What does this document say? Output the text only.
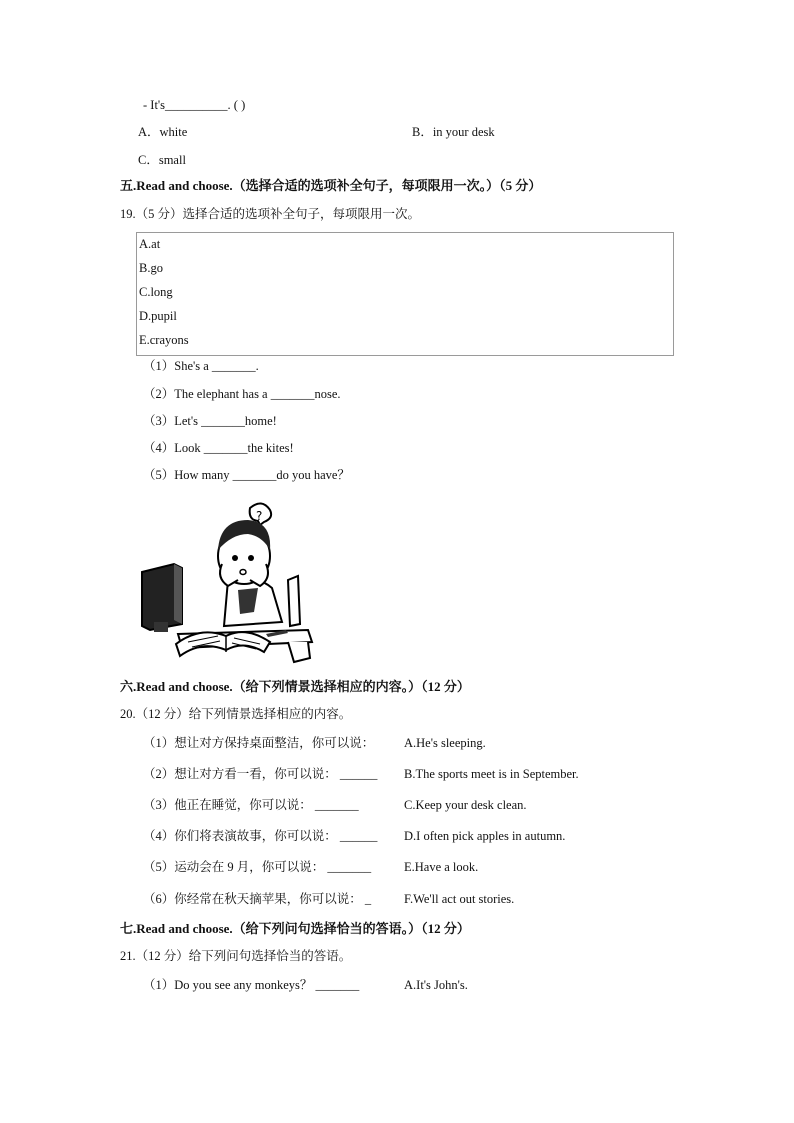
- It's__________. ( )
A．white	B．in your desk
C．small
五.Read and choose.（选择合适的选项补全句子，每项限用一次。）（5 分）
19.（5 分）选择合适的选项补全句子，每项限用一次。
A.at
B.go
C.long
D.pupil
E.crayons
（1）She's a _______.
（2）The elephant has a _______nose.
（3）Let's _______home!
（4）Look _______the kites!
（5）How many _______do you have？
?
六.Read and choose.（给下列情景选择相应的内容。）（12 分）
20.（12 分）给下列情景选择相应的内容。
（1）想让对方保持桌面整洁，你可以说：
（2）想让对方看一看，你可以说： ______
（3）他正在睡觉，你可以说： _______
（4）你们将表演故事，你可以说： ______
（5）运动会在 9 月，你可以说： _______
（6）你经常在秋天摘苹果，你可以说： _
A.He's sleeping.
B.The sports meet is in September.
C.Keep your desk clean.
D.I often pick apples in autumn.
E.Have a look.
F.We'll act out stories.
七.Read and choose.（给下列问句选择恰当的答语。）（12 分）
21.（12 分）给下列问句选择恰当的答语。
（1）Do you see any monkeys？ _______	A.It's John's.
